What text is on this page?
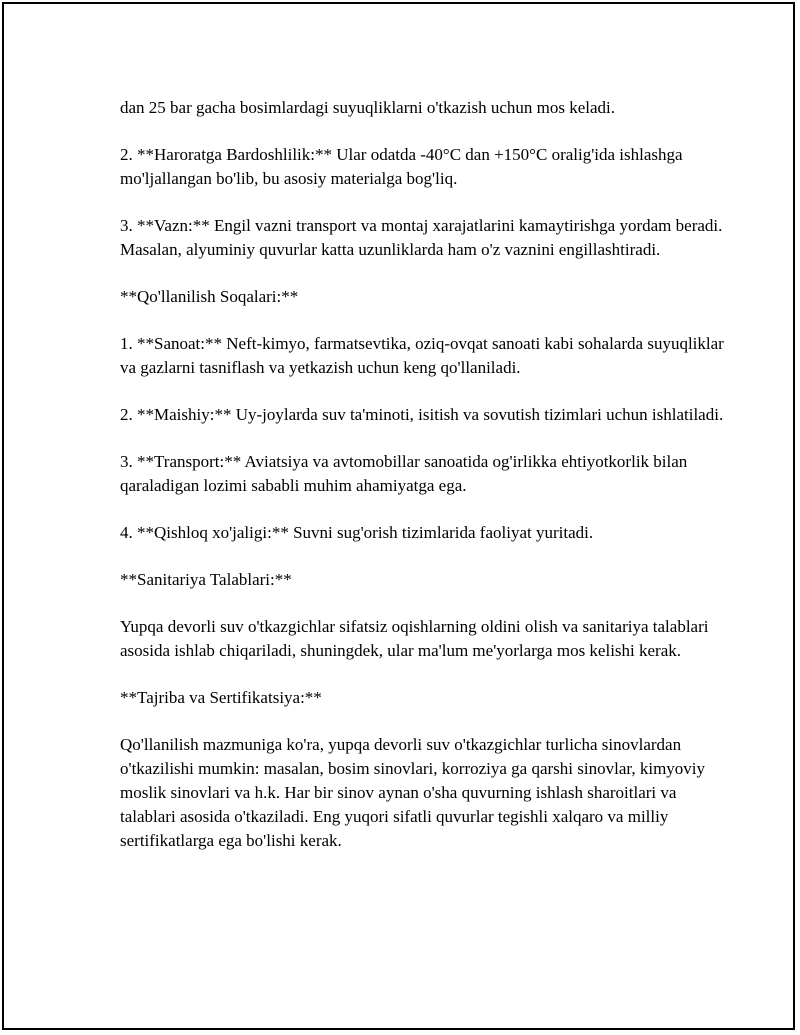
dan 25 bar gacha bosimlardagi suyuqliklarni o'tkazish uchun mos keladi.

2. **Haroratga Bardoshlilik:** Ular odatda -40°C dan +150°C oralig'ida ishlashga mo'ljallangan bo'lib, bu asosiy materialga bog'liq.

3. **Vazn:** Engil vazni transport va montaj xarajatlarini kamaytirishga yordam beradi. Masalan, alyuminiy quvurlar katta uzunliklarda ham o'z vaznini engillashtiradi.

**Qo'llanilish Soqalari:**

1. **Sanoat:** Neft-kimyo, farmatsevtika, oziq-ovqat sanoati kabi sohalarda suyuqliklar va gazlarni tasniflash va yetkazish uchun keng qo'llaniladi.

2. **Maishiy:** Uy-joylarda suv ta'minoti, isitish va sovutish tizimlari uchun ishlatiladi.

3. **Transport:** Aviatsiya va avtomobillar sanoatida og'irlikka ehtiyotkorlik bilan qaraladigan lozimi sababli muhim ahamiyatga ega.

4. **Qishloq xo'jaligi:** Suvni sug'orish tizimlarida faoliyat yuritadi.

**Sanitariya Talablari:**

Yupqa devorli suv o'tkazgichlar sifatsiz oqishlarning oldini olish va sanitariya talablari asosida ishlab chiqariladi, shuningdek, ular ma'lum me'yorlarga mos kelishi kerak.

**Tajriba va Sertifikatsiya:**

Qo'llanilish mazmuniga ko'ra, yupqa devorli suv o'tkazgichlar turlicha sinovlardan o'tkazilishi mumkin: masalan, bosim sinovlari, korroziya ga qarshi sinovlar, kimyoviy moslik sinovlari va h.k. Har bir sinov aynan o'sha quvurning ishlash sharoitlari va talablari asosida o'tkaziladi. Eng yuqori sifatli quvurlar tegishli xalqaro va milliy sertifikatlarga ega bo'lishi kerak.
